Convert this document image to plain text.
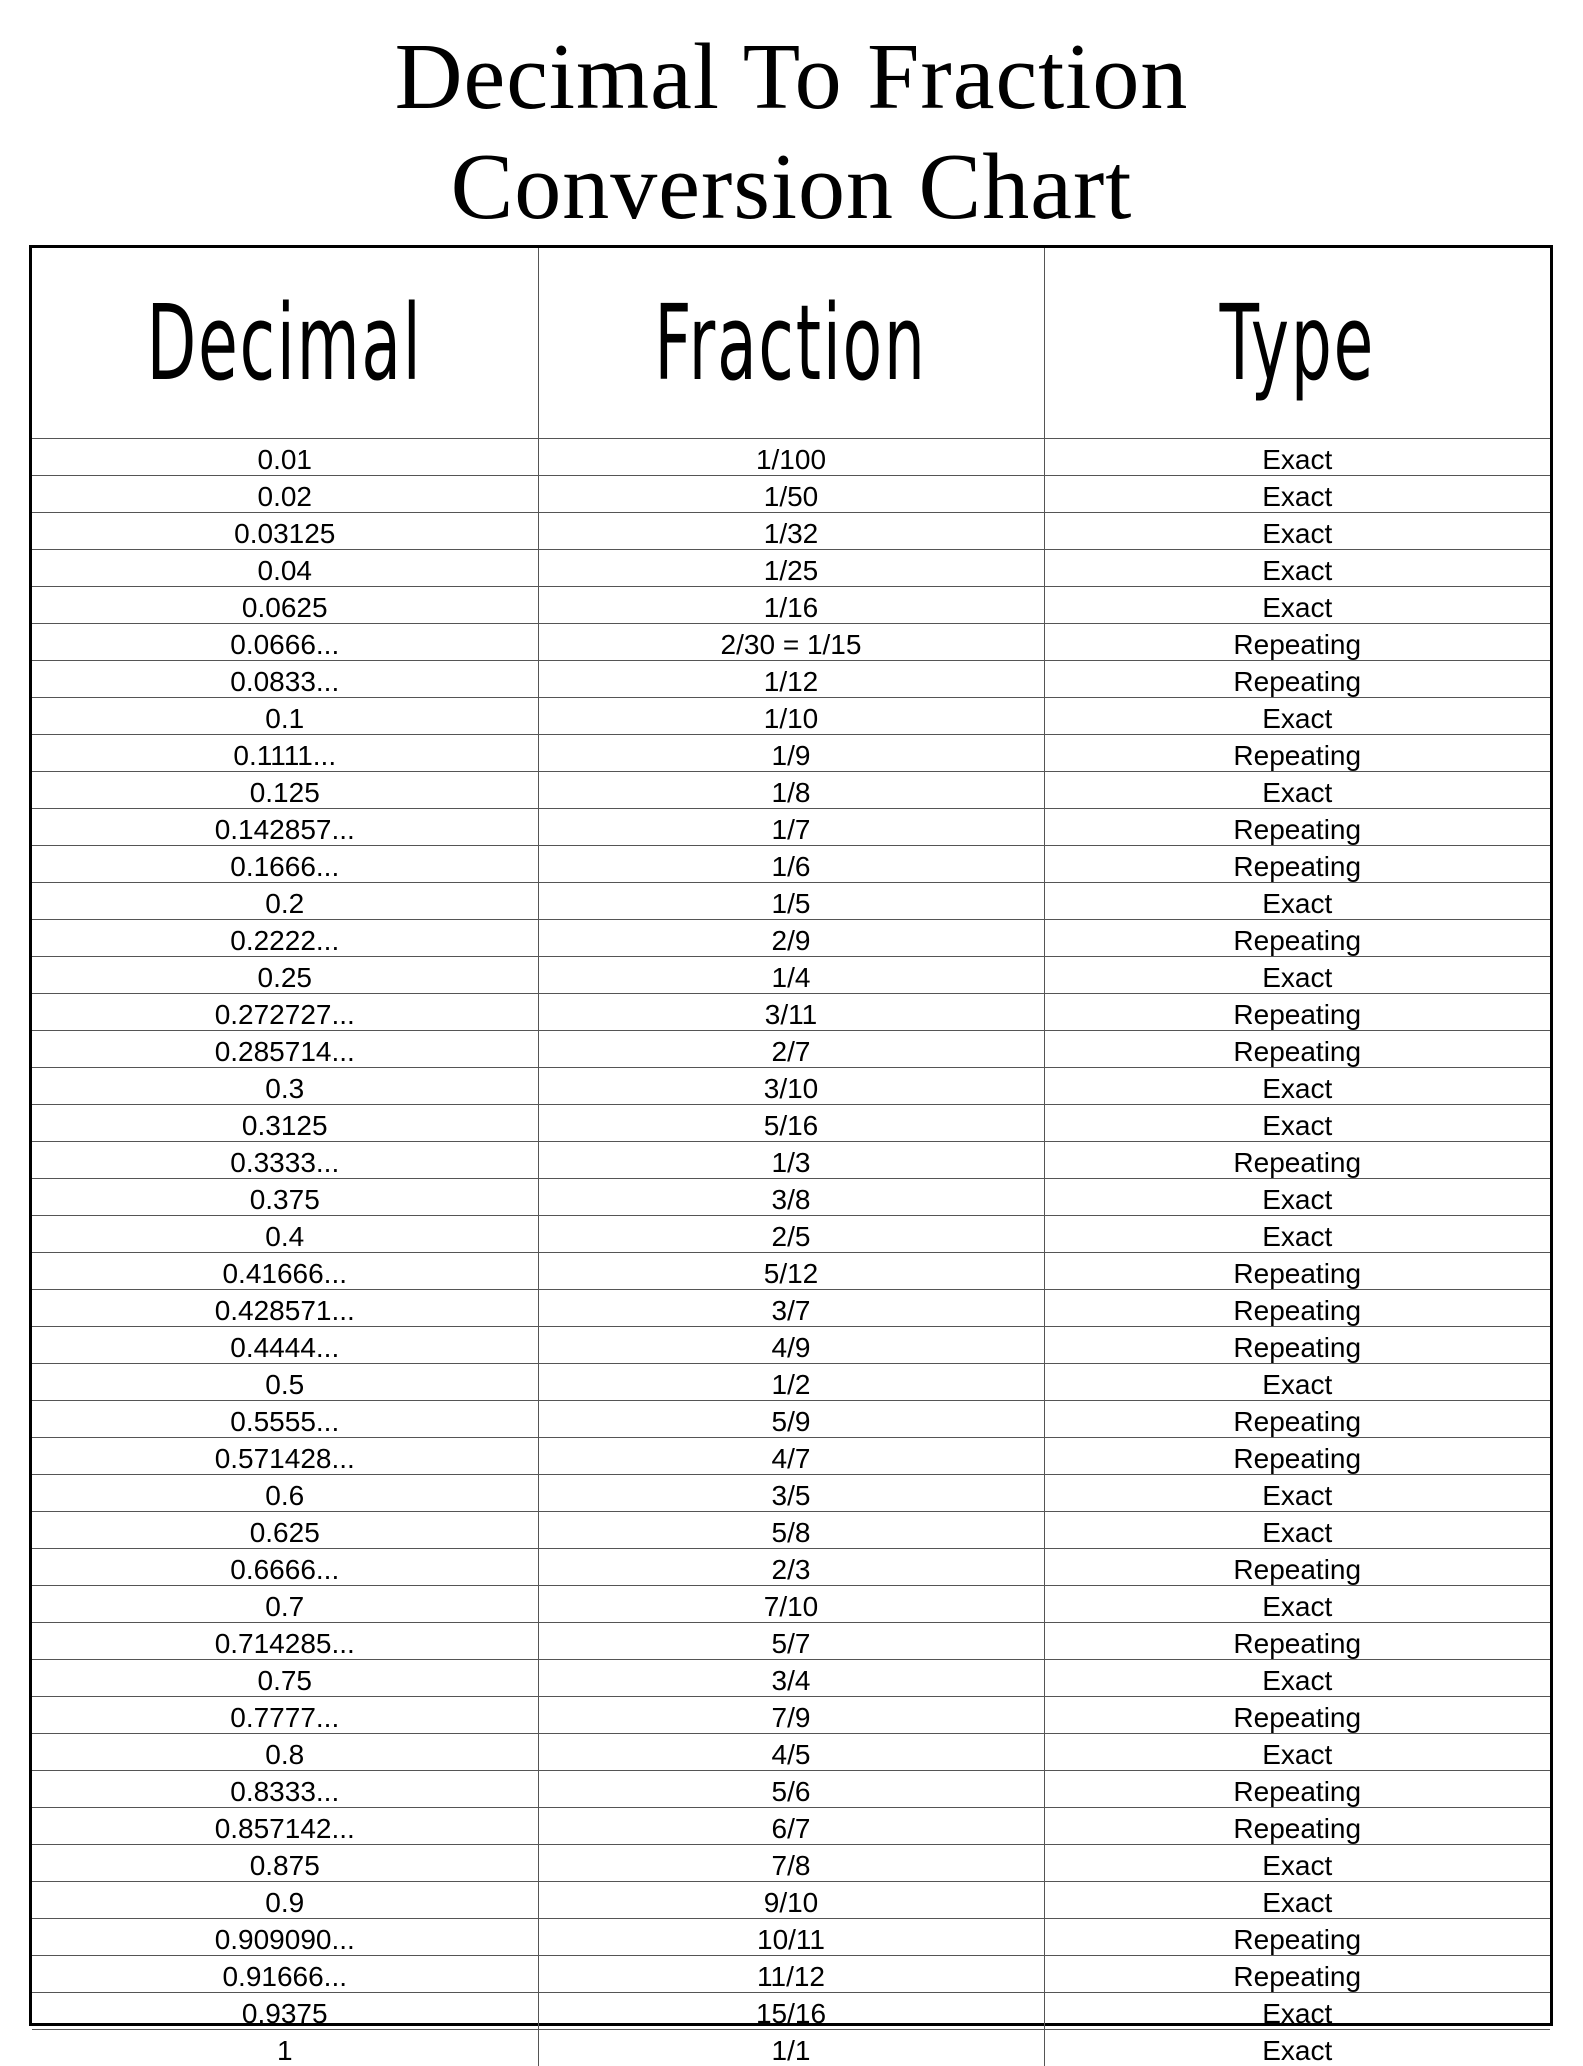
Decimal To Fraction
Conversion Chart
Decimal	Fraction	Type

0.01	1/100	Exact
0.02	1/50	Exact
0.03125	1/32	Exact
0.04	1/25	Exact
0.0625	1/16	Exact
0.0666...	2/30 = 1/15	Repeating
0.0833...	1/12	Repeating
0.1	1/10	Exact
0.1111...	1/9	Repeating
0.125	1/8	Exact
0.142857...	1/7	Repeating
0.1666...	1/6	Repeating
0.2	1/5	Exact
0.2222...	2/9	Repeating
0.25	1/4	Exact
0.272727...	3/11	Repeating
0.285714...	2/7	Repeating
0.3	3/10	Exact
0.3125	5/16	Exact
0.3333...	1/3	Repeating
0.375	3/8	Exact
0.4	2/5	Exact
0.41666...	5/12	Repeating
0.428571...	3/7	Repeating
0.4444...	4/9	Repeating
0.5	1/2	Exact
0.5555...	5/9	Repeating
0.571428...	4/7	Repeating
0.6	3/5	Exact
0.625	5/8	Exact
0.6666...	2/3	Repeating
0.7	7/10	Exact
0.714285...	5/7	Repeating
0.75	3/4	Exact
0.7777...	7/9	Repeating
0.8	4/5	Exact
0.8333...	5/6	Repeating
0.857142...	6/7	Repeating
0.875	7/8	Exact
0.9	9/10	Exact
0.909090...	10/11	Repeating
0.91666...	11/12	Repeating
0.9375	15/16	Exact
1	1/1	Exact
